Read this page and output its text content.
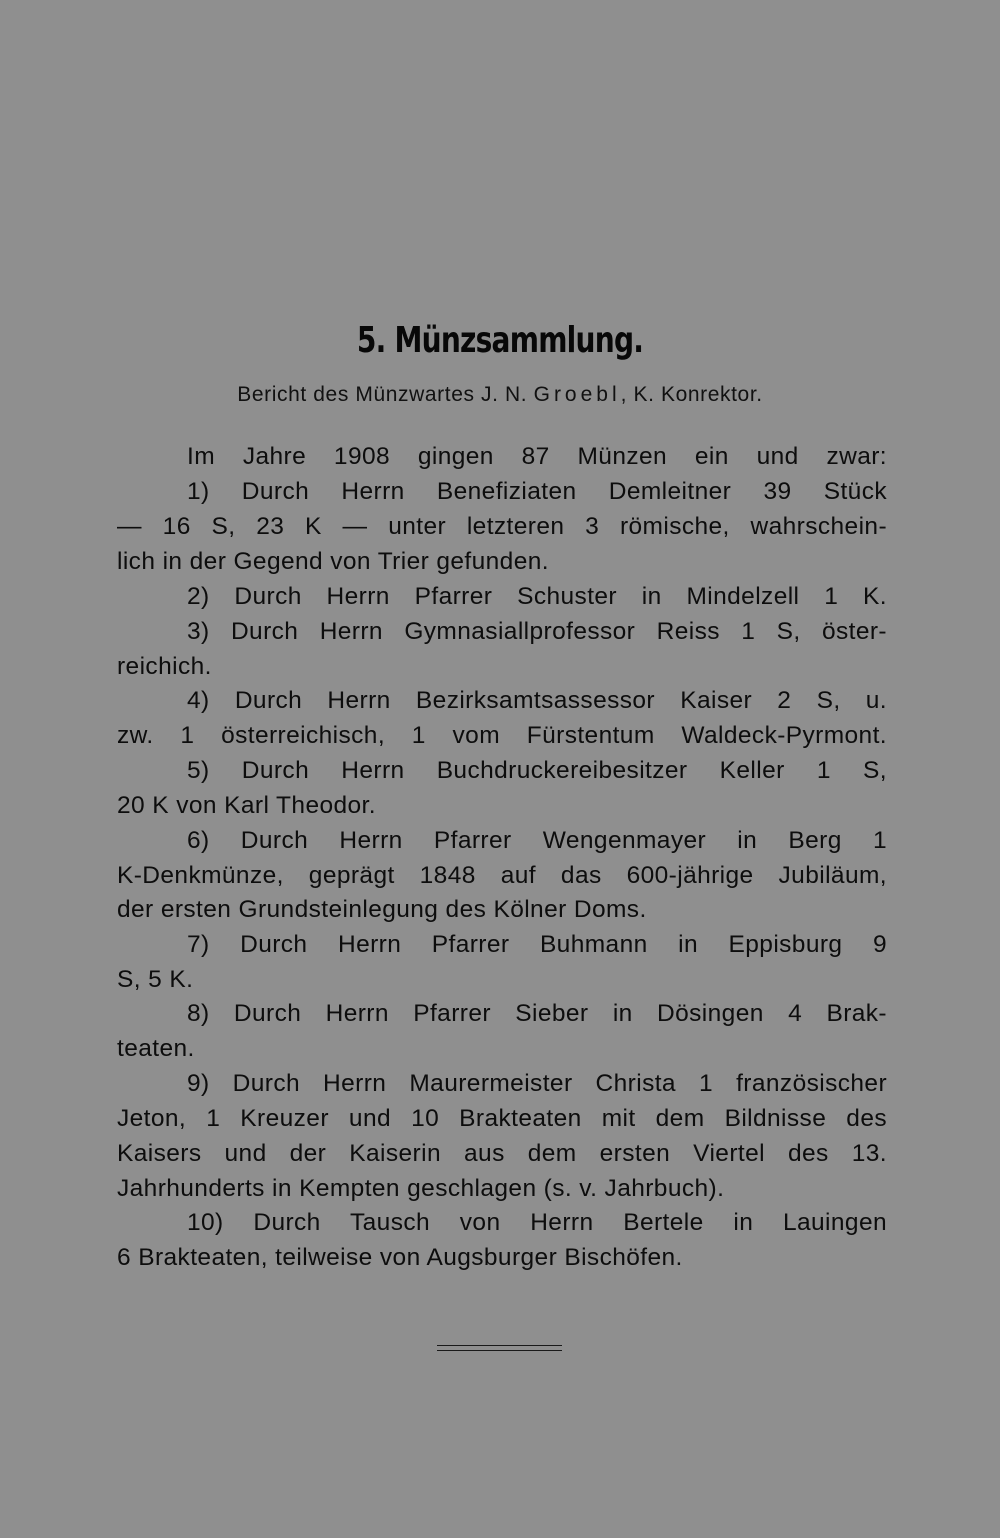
5. Münzsammlung.
Bericht des Münzwartes J. N. Groebl, K. Konrektor.
Im Jahre 1908 gingen 87 Münzen ein und zwar:
1) Durch Herrn Benefiziaten Demleitner 39 Stück
— 16 S, 23 K — unter letzteren 3 römische, wahrschein-
lich in der Gegend von Trier gefunden.
2) Durch Herrn Pfarrer Schuster in Mindelzell 1 K.
3) Durch Herrn Gymnasiallprofessor Reiss 1 S, öster-
reichich.
4) Durch Herrn Bezirksamtsassessor Kaiser 2 S, u.
zw. 1 österreichisch, 1 vom Fürstentum Waldeck-Pyrmont.
5) Durch Herrn Buchdruckereibesitzer Keller 1 S,
20 K von Karl Theodor.
6) Durch Herrn Pfarrer Wengenmayer in Berg 1
K-Denkmünze, geprägt 1848 auf das 600-jährige Jubiläum,
der ersten Grundsteinlegung des Kölner Doms.
7) Durch Herrn Pfarrer Buhmann in Eppisburg 9
S, 5 K.
8) Durch Herrn Pfarrer Sieber in Dösingen 4 Brak-
teaten.
9) Durch Herrn Maurermeister Christa 1 französischer
Jeton, 1 Kreuzer und 10 Brakteaten mit dem Bildnisse des
Kaisers und der Kaiserin aus dem ersten Viertel des 13.
Jahrhunderts in Kempten geschlagen (s. v. Jahrbuch).
10) Durch Tausch von Herrn Bertele in Lauingen
6 Brakteaten, teilweise von Augsburger Bischöfen.
